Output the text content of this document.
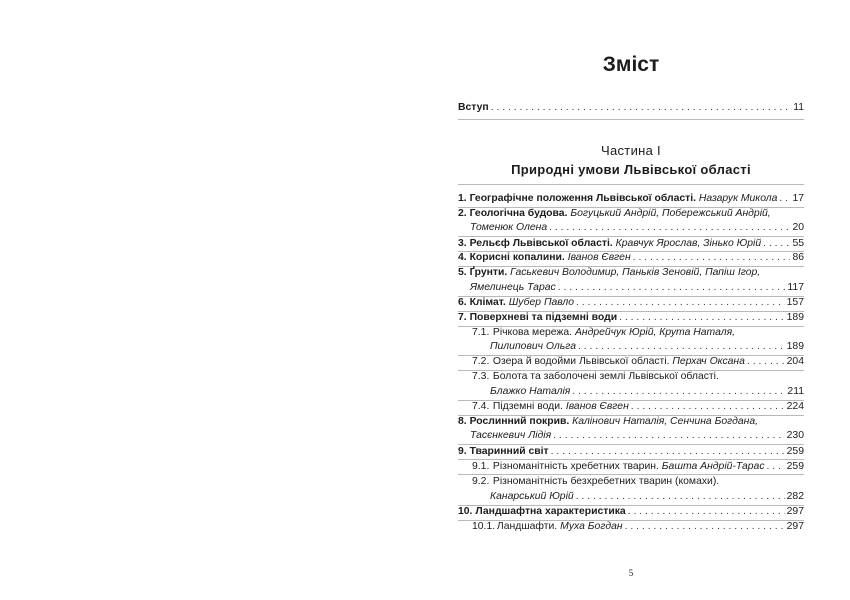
Зміст
Вступ . . .	11
Частина І
Природні умови Львівської області
1. Географічне положення Львівської області. Назарук Микола . . . 17
2. Геологічна будова. Богуцький Андрій, Побережський Андрій,
Томенюк Олена . . .	20
3. Рельєф Львівської області. Кравчук Ярослав, Зінько Юрій . . .	55
4. Корисні копалини. Іванов Євген . . .	86
5. Ґрунти. Гаськевич Володимир, Паньків Зеновій, Папіш Ігор,
Ямелинець Тарас . . .	117
6. Клімат. Шубер Павло . . .	157
7. Поверхневі та підземні води . . .	189
7.1. Річкова мережа. Андрейчук Юрій, Крута Наталя,
Пилипович Ольга . . .	189
7.2. Озера й водойми Львівської області. Перхач Оксана . . .	204
7.3. Болота та заболочені землі Львівської області.
Блажко Наталія . . .	211
7.4. Підземні води. Іванов Євген . . .	224
8. Рослинний покрив. Калінович Наталія, Сенчина Богдана,
Тасєнкевич Лідія . . .	230
9. Тваринний світ . . .	259
9.1. Різноманітність хребетних тварин. Башта Андрій-Тарас . . . 259
9.2. Різноманітність безхребетних тварин (комахи).
Канарський Юрій . . .	282
10. Ландшафтна характеристика . . .	297
10.1. Ландшафти. Муха Богдан . . .	297
5
